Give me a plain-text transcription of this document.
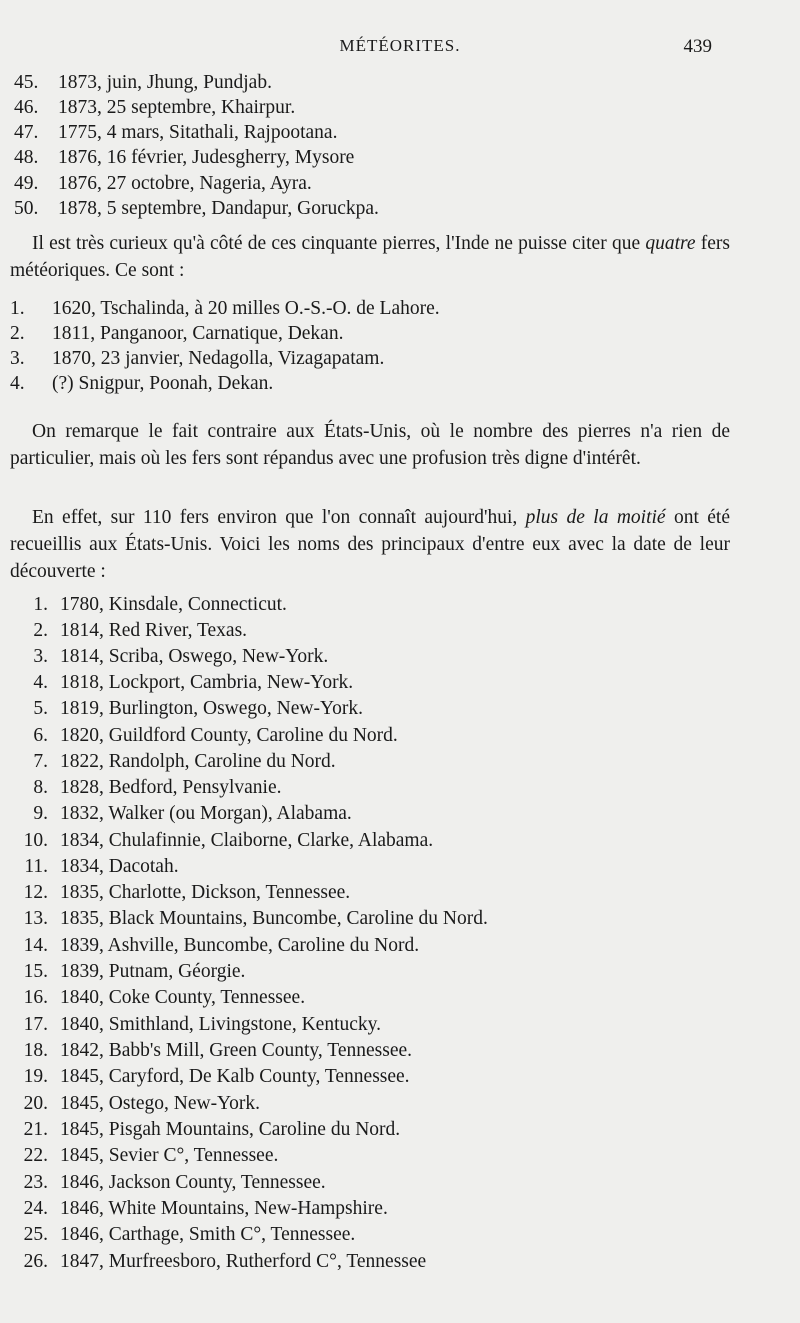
MÉTÉORITES.	439
45.	1873, juin, Jhung, Pundjab.
46.	1873, 25 septembre, Khairpur.
47.	1775, 4 mars, Sitathali, Rajpootana.
48.	1876, 16 février, Judesgherry, Mysore
49.	1876, 27 octobre, Nageria, Ayra.
50.	1878, 5 septembre, Dandapur, Goruckpa.

Il est très curieux qu'à côté de ces cinquante pierres, l'Inde ne puisse citer que quatre fers météoriques. Ce sont :

1.	1620, Tschalinda, à 20 milles O.-S.-O. de Lahore.
2.	1811, Panganoor, Carnatique, Dekan.
3.	1870, 23 janvier, Nedagolla, Vizagapatam.
4.	(?) Snigpur, Poonah, Dekan.

On remarque le fait contraire aux États-Unis, où le nombre des pierres n'a rien de particulier, mais où les fers sont répandus avec une profusion très digne d'intérêt.

En effet, sur 110 fers environ que l'on connaît aujourd'hui, plus de la moitié ont été recueillis aux États-Unis. Voici les noms des principaux d'entre eux avec la date de leur découverte :

1. 1780, Kinsdale, Connecticut.
2. 1814, Red River, Texas.
3. 1814, Scriba, Oswego, New-York.
4. 1818, Lockport, Cambria, New-York.
5. 1819, Burlington, Oswego, New-York.
6. 1820, Guildford County, Caroline du Nord.
7. 1822, Randolph, Caroline du Nord.
8. 1828, Bedford, Pensylvanie.
9. 1832, Walker (ou Morgan), Alabama.
10. 1834, Chulafinnie, Claiborne, Clarke, Alabama.
11. 1834, Dacotah.
12. 1835, Charlotte, Dickson, Tennessee.
13. 1835, Black Mountains, Buncombe, Caroline du Nord.
14. 1839, Ashville, Buncombe, Caroline du Nord.
15. 1839, Putnam, Géorgie.
16. 1840, Coke County, Tennessee.
17. 1840, Smithland, Livingstone, Kentucky.
18. 1842, Babb's Mill, Green County, Tennessee.
19. 1845, Caryford, De Kalb County, Tennessee.
20. 1845, Ostego, New-York.
21. 1845, Pisgah Mountains, Caroline du Nord.
22. 1845, Sevier C°, Tennessee.
23. 1846, Jackson County, Tennessee.
24. 1846, White Mountains, New-Hampshire.
25. 1846, Carthage, Smith C°, Tennessee.
26. 1847, Murfreesboro, Rutherford C°, Tennessee
